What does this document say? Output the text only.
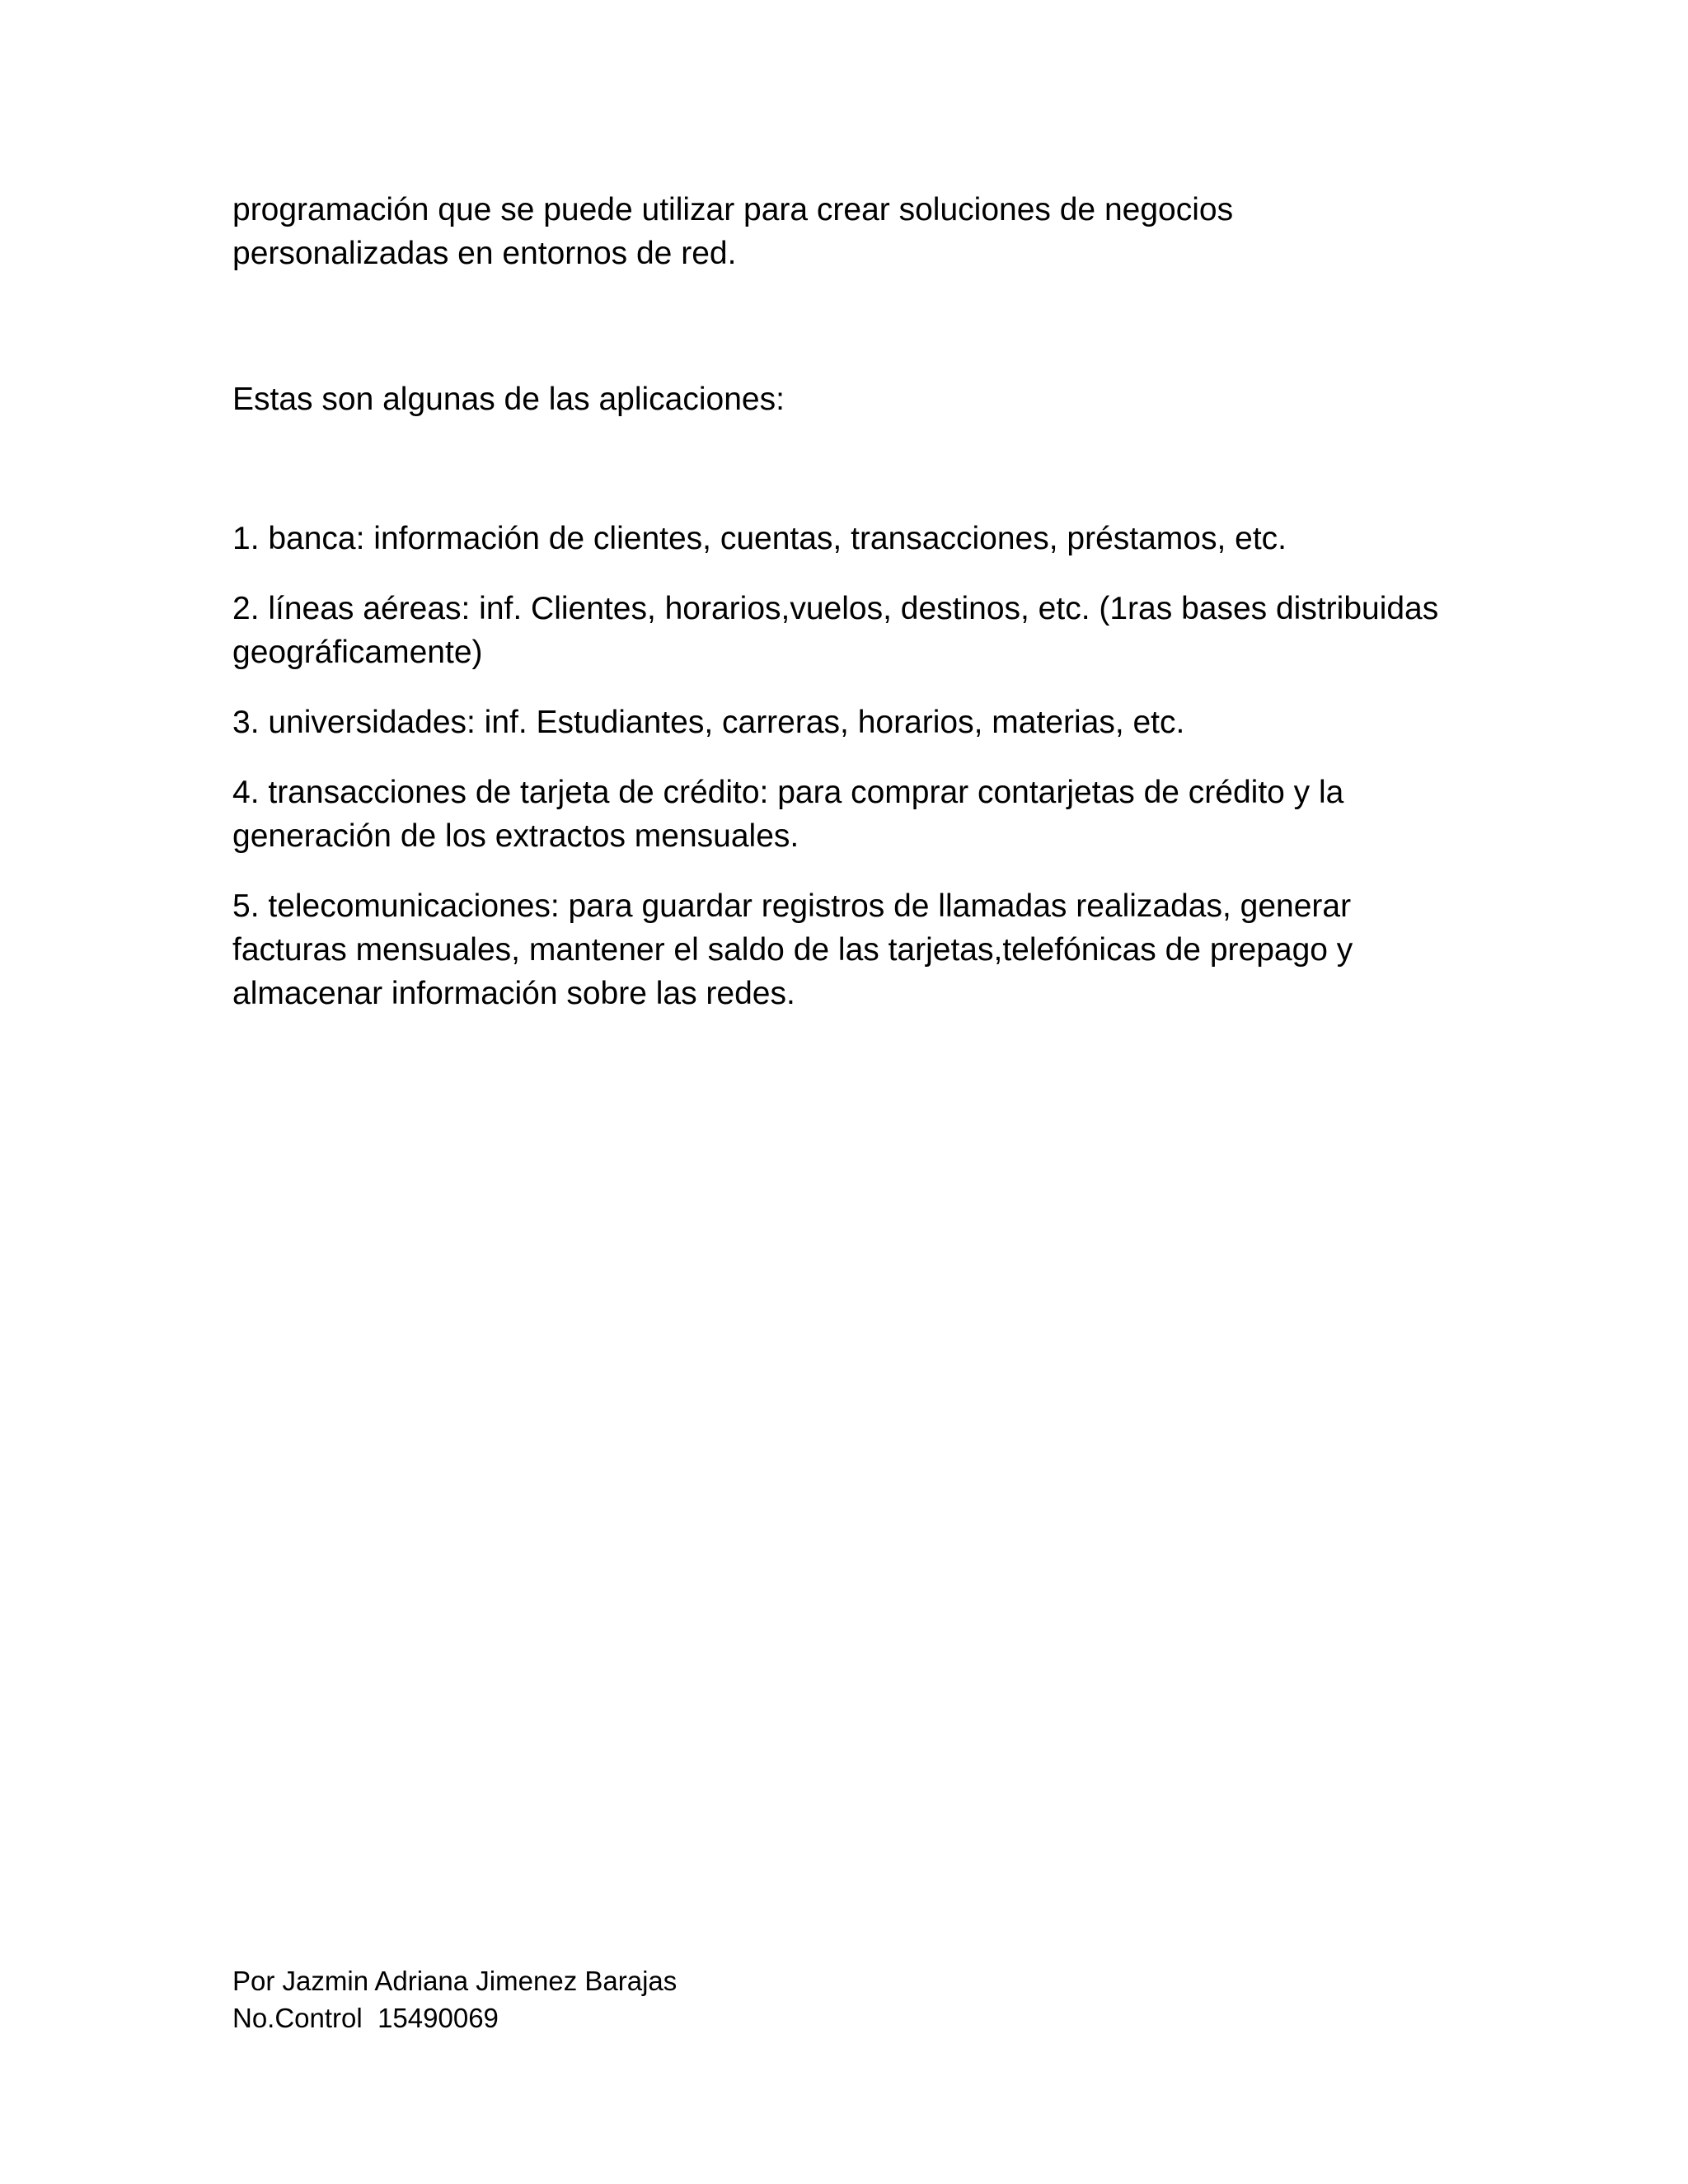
programación que se puede utilizar para crear soluciones de negocios personalizadas en entornos de red.

Estas son algunas de las aplicaciones:

1. banca: información de clientes, cuentas, transacciones, préstamos, etc.
2. líneas aéreas: inf. Clientes, horarios,vuelos, destinos, etc. (1ras bases distribuidas geográficamente)
3. universidades: inf. Estudiantes, carreras, horarios, materias, etc.
4. transacciones de tarjeta de crédito: para comprar contarjetas de crédito y la generación de los extractos mensuales.
5. telecomunicaciones: para guardar registros de llamadas realizadas, generar facturas mensuales, mantener el saldo de las tarjetas,telefónicas de prepago y almacenar información sobre las redes.
Por Jazmin Adriana Jimenez Barajas
No.Control  15490069
